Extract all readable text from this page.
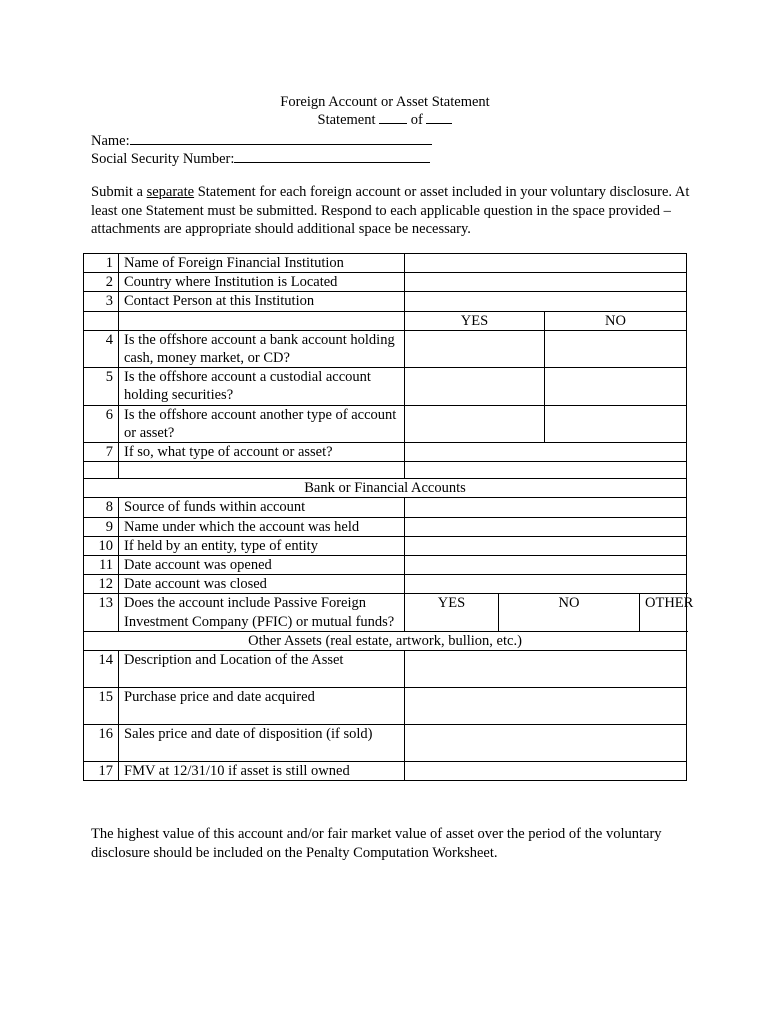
Foreign Account or Asset Statement
Statement of
Name:
Social Security Number:
Submit a separate Statement for each foreign account or asset included in your voluntary disclosure. At least one Statement must be submitted. Respond to each applicable question in the space provided –attachments are appropriate should additional space be necessary.
1	Name of Foreign Financial Institution				
2	Country where Institution is Located				
3	Contact Person at this Institution				
		YES		NO	
4	Is the offshore account a bank account holding cash, money market, or CD?				
5	Is the offshore account a custodial account holding securities?				
6	Is the offshore account another type of account or asset?				
7	If so, what type of account or asset?				

Bank or Financial Accounts					
8	Source of funds within account				
9	Name under which the account was held				
10	If held by an entity, type of entity				
11	Date account was opened				
12	Date account was closed				
13	Does the account include Passive Foreign Investment Company (PFIC) or mutual funds?	YES	NO		OTHER
Other Assets (real estate, artwork, bullion, etc.)					
14	Description and Location of the Asset				
15	Purchase price and date acquired				
16	Sales price and date of disposition (if sold)				
17	FMV at 12/31/10 if asset is still owned				
The highest value of this account and/or fair market value of asset over the period of the voluntary disclosure should be included on the Penalty Computation Worksheet.
